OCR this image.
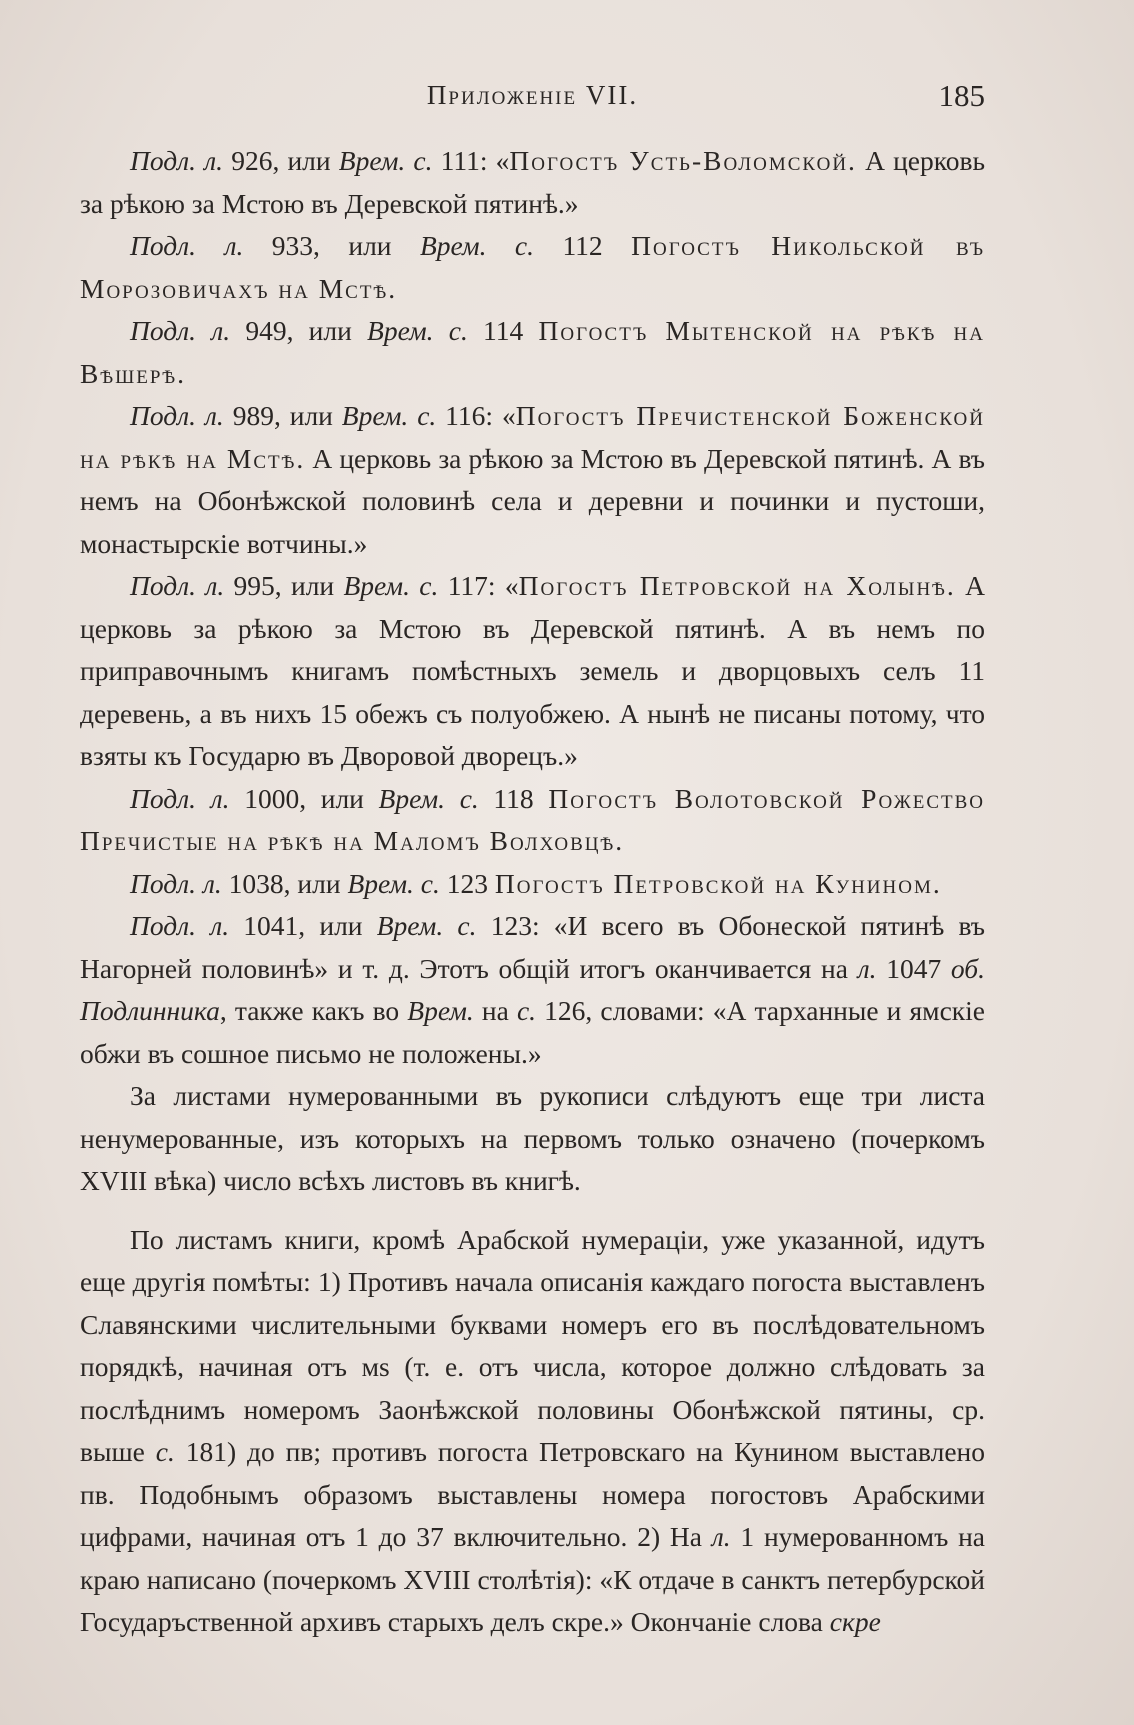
Приложеніе VII.	185

Подл. л. 926, или Врем. с. 111: «Погостъ Усть-Воломской. А церковь за рѣкою за Мстою въ Деревской пятинѣ.»

Подл. л. 933, или Врем. с. 112 Погостъ Никольской въ Морозовичахъ на Мстѣ.

Подл. л. 949, или Врем. с. 114 Погостъ Мытенской на рѣкѣ на Вѣшерѣ.

Подл. л. 989, или Врем. с. 116: «Погостъ Пречистенской Боженской на рѣкѣ на Мстѣ. А церковь за рѣкою за Мстою въ Деревской пятинѣ. А въ немъ на Обонѣжской половинѣ села и деревни и починки и пустоши, монастырскіе вотчины.»

Подл. л. 995, или Врем. с. 117: «Погостъ Петровской на Холынѣ. А церковь за рѣкою за Мстою въ Деревской пятинѣ. А въ немъ по приправочнымъ книгамъ помѣстныхъ земель и дворцовыхъ селъ 11 деревень, а въ нихъ 15 обежъ съ полуобжею. А нынѣ не писаны потому, что взяты къ Государю въ Дворовой дворецъ.»

Подл. л. 1000, или Врем. с. 118 Погостъ Волотовской Рожество Пречистые на рѣкѣ на Маломъ Волховцѣ.

Подл. л. 1038, или Врем. с. 123 Погостъ Петровской на Кунином.

Подл. л. 1041, или Врем. с. 123: «И всего въ Обонеской пятинѣ въ Нагорней половинѣ» и т. д. Этотъ общій итогъ оканчивается на л. 1047 об. Подлинника, также какъ во Врем. на с. 126, словами: «А тарханные и ямскіе обжи въ сошное письмо не положены.»

За листами нумерованными въ рукописи слѣдуютъ еще три листа ненумерованные, изъ которыхъ на первомъ только означено (почеркомъ XVIII вѣка) число всѣхъ листовъ въ книгѣ.

По листамъ книги, кромѣ Арабской нумераціи, уже указанной, идутъ еще другія помѣты: 1) Противъ начала описанія каждаго погоста выставленъ Славянскими числительными буквами номеръ его въ послѣдовательномъ порядкѣ, начиная отъ мѕ (т. е. отъ числа, которое должно слѣдовать за послѣднимъ номеромъ Заонѣжской половины Обонѣжской пятины, ср. выше с. 181) до пв; противъ погоста Петровскаго на Кунином выставлено пв. Подобнымъ образомъ выставлены номера погостовъ Арабскими цифрами, начиная отъ 1 до 37 включительно. 2) На л. 1 нумерованномъ на краю написано (почеркомъ XVIII столѣтія): «К отдаче в санктъ петербурской Государъственной архивъ старыхъ делъ скре.» Окончаніе слова скре
